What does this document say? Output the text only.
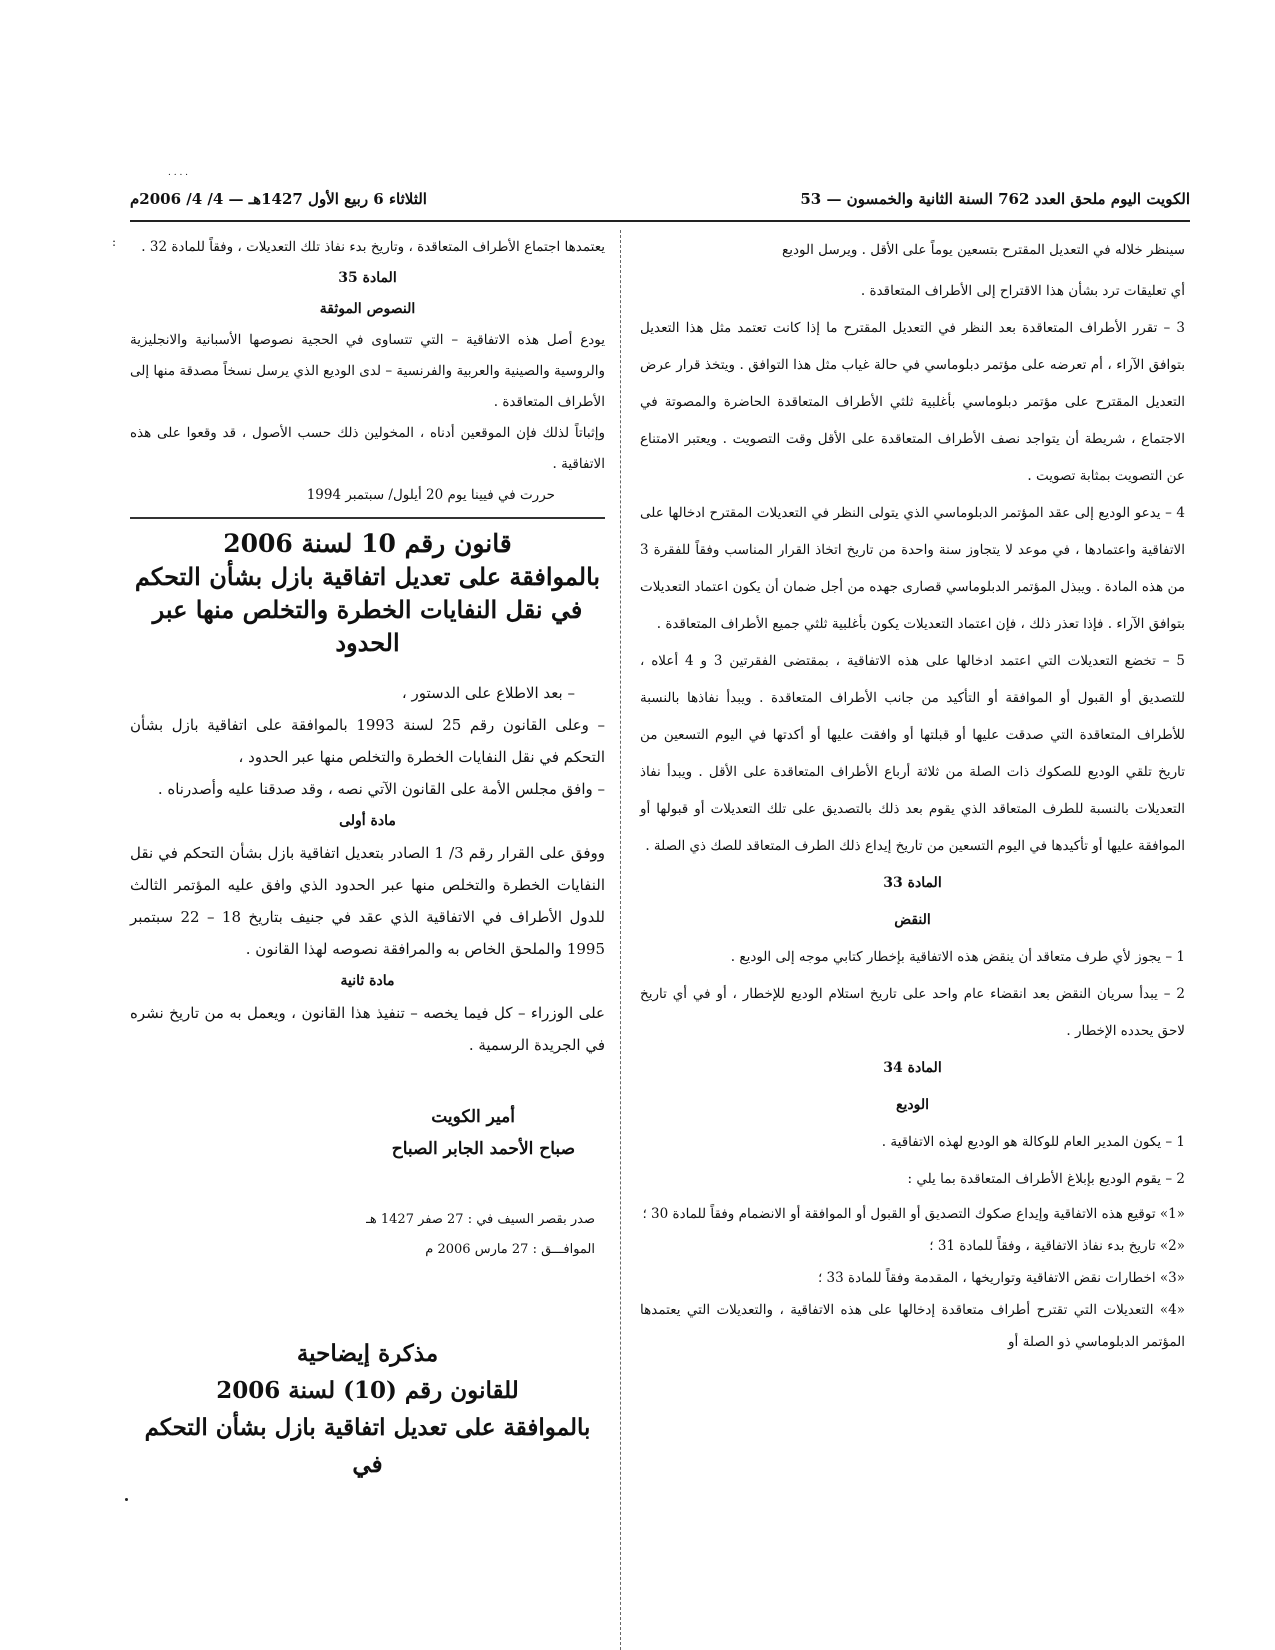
. . . .
:
الكويت اليوم ملحق العدد 762 السنة الثانية والخمسون — 53
الثلاثاء 6 ربيع الأول 1427هـ — 4/ 4/ 2006م

سينظر خلاله في التعديل المقترح بتسعين يوماً على الأقل . ويرسل الوديع

أي تعليقات ترد بشأن هذا الاقتراح إلى الأطراف المتعاقدة .

3 – تقرر الأطراف المتعاقدة بعد النظر في التعديل المقترح ما إذا كانت تعتمد مثل هذا التعديل بتوافق الآراء ، أم تعرضه على مؤتمر دبلوماسي في حالة غياب مثل هذا التوافق . ويتخذ قرار عرض التعديل المقترح على مؤتمر دبلوماسي بأغلبية ثلثي الأطراف المتعاقدة الحاضرة والمصوتة في الاجتماع ، شريطة أن يتواجد نصف الأطراف المتعاقدة على الأقل وقت التصويت . ويعتبر الامتناع عن التصويت بمثابة تصويت .

4 – يدعو الوديع إلى عقد المؤتمر الدبلوماسي الذي يتولى النظر في التعديلات المقترح ادخالها على الاتفاقية واعتمادها ، في موعد لا يتجاوز سنة واحدة من تاريخ اتخاذ القرار المناسب وفقاً للفقرة 3 من هذه المادة . ويبذل المؤتمر الدبلوماسي قصارى جهده من أجل ضمان أن يكون اعتماد التعديلات بتوافق الآراء . فإذا تعذر ذلك ، فإن اعتماد التعديلات يكون بأغلبية ثلثي جميع الأطراف المتعاقدة .

5 – تخضع التعديلات التي اعتمد ادخالها على هذه الاتفاقية ، بمقتضى الفقرتين 3 و 4 أعلاه ، للتصديق أو القبول أو الموافقة أو التأكيد من جانب الأطراف المتعاقدة . ويبدأ نفاذها بالنسبة للأطراف المتعاقدة التي صدقت عليها أو قبلتها أو وافقت عليها أو أكدتها في اليوم التسعين من تاريخ تلقي الوديع للصكوك ذات الصلة من ثلاثة أرباع الأطراف المتعاقدة على الأقل . ويبدأ نفاذ التعديلات بالنسبة للطرف المتعاقد الذي يقوم بعد ذلك بالتصديق على تلك التعديلات أو قبولها أو الموافقة عليها أو تأكيدها في اليوم التسعين من تاريخ إيداع ذلك الطرف المتعاقد للصك ذي الصلة .

المادة 33

النقض

1 – يجوز لأي طرف متعاقد أن ينقض هذه الاتفاقية بإخطار كتابي موجه إلى الوديع .

2 – يبدأ سريان النقض بعد انقضاء عام واحد على تاريخ استلام الوديع للإخطار ، أو في أي تاريخ لاحق يحدده الإخطار .

المادة 34

الوديع

1 – يكون المدير العام للوكالة هو الوديع لهذه الاتفاقية .

2 – يقوم الوديع بإبلاغ الأطراف المتعاقدة بما يلي :

«1» توقيع هذه الاتفاقية وإيداع صكوك التصديق أو القبول أو الموافقة أو الانضمام وفقاً للمادة 30 ؛

«2» تاريخ بدء نفاذ الاتفاقية ، وفقاً للمادة 31 ؛

«3» اخطارات نقض الاتفاقية وتواريخها ، المقدمة وفقاً للمادة 33 ؛

«4» التعديلات التي تقترح أطراف متعاقدة إدخالها على هذه الاتفاقية ، والتعديلات التي يعتمدها المؤتمر الدبلوماسي ذو الصلة أو

يعتمدها اجتماع الأطراف المتعاقدة ، وتاريخ بدء نفاذ تلك التعديلات ، وفقاً للمادة 32 .

المادة 35

النصوص الموثقة

يودع أصل هذه الاتفاقية – التي تتساوى في الحجية نصوصها الأسبانية والانجليزية والروسية والصينية والعربية والفرنسية – لدى الوديع الذي يرسل نسخاً مصدقة منها إلى الأطراف المتعاقدة .

وإثباتاً لذلك فإن الموقعين أدناه ، المخولين ذلك حسب الأصول ، قد وقعوا على هذه الاتفاقية .

حررت في فيينا يوم 20 أيلول/ سبتمبر 1994

قانون رقم 10 لسنة 2006
بالموافقة على تعديل اتفاقية بازل بشأن التحكم في نقل النفايات الخطرة والتخلص منها عبر الحدود

– بعد الاطلاع على الدستور ،

– وعلى القانون رقم 25 لسنة 1993 بالموافقة على اتفاقية بازل بشأن التحكم في نقل النفايات الخطرة والتخلص منها عبر الحدود ،

– وافق مجلس الأمة على القانون الآتي نصه ، وقد صدقنا عليه وأصدرناه .

مادة أولى

ووفق على القرار رقم 3/ 1 الصادر بتعديل اتفاقية بازل بشأن التحكم في نقل النفايات الخطرة والتخلص منها عبر الحدود الذي وافق عليه المؤتمر الثالث للدول الأطراف في الاتفاقية الذي عقد في جنيف بتاريخ 18 – 22 سبتمبر 1995 والملحق الخاص به والمرافقة نصوصه لهذا القانون .

مادة ثانية

على الوزراء – كل فيما يخصه – تنفيذ هذا القانون ، ويعمل به من تاريخ نشره في الجريدة الرسمية .

أمير الكويت
صباح الأحمد الجابر الصباح
صدر بقصر السيف في : 27 صفر 1427 هـ
الموافـــق : 27 مارس 2006 م
مذكرة إيضاحية
للقانون رقم (10) لسنة 2006
بالموافقة على تعديل اتفاقية بازل بشأن التحكم في
